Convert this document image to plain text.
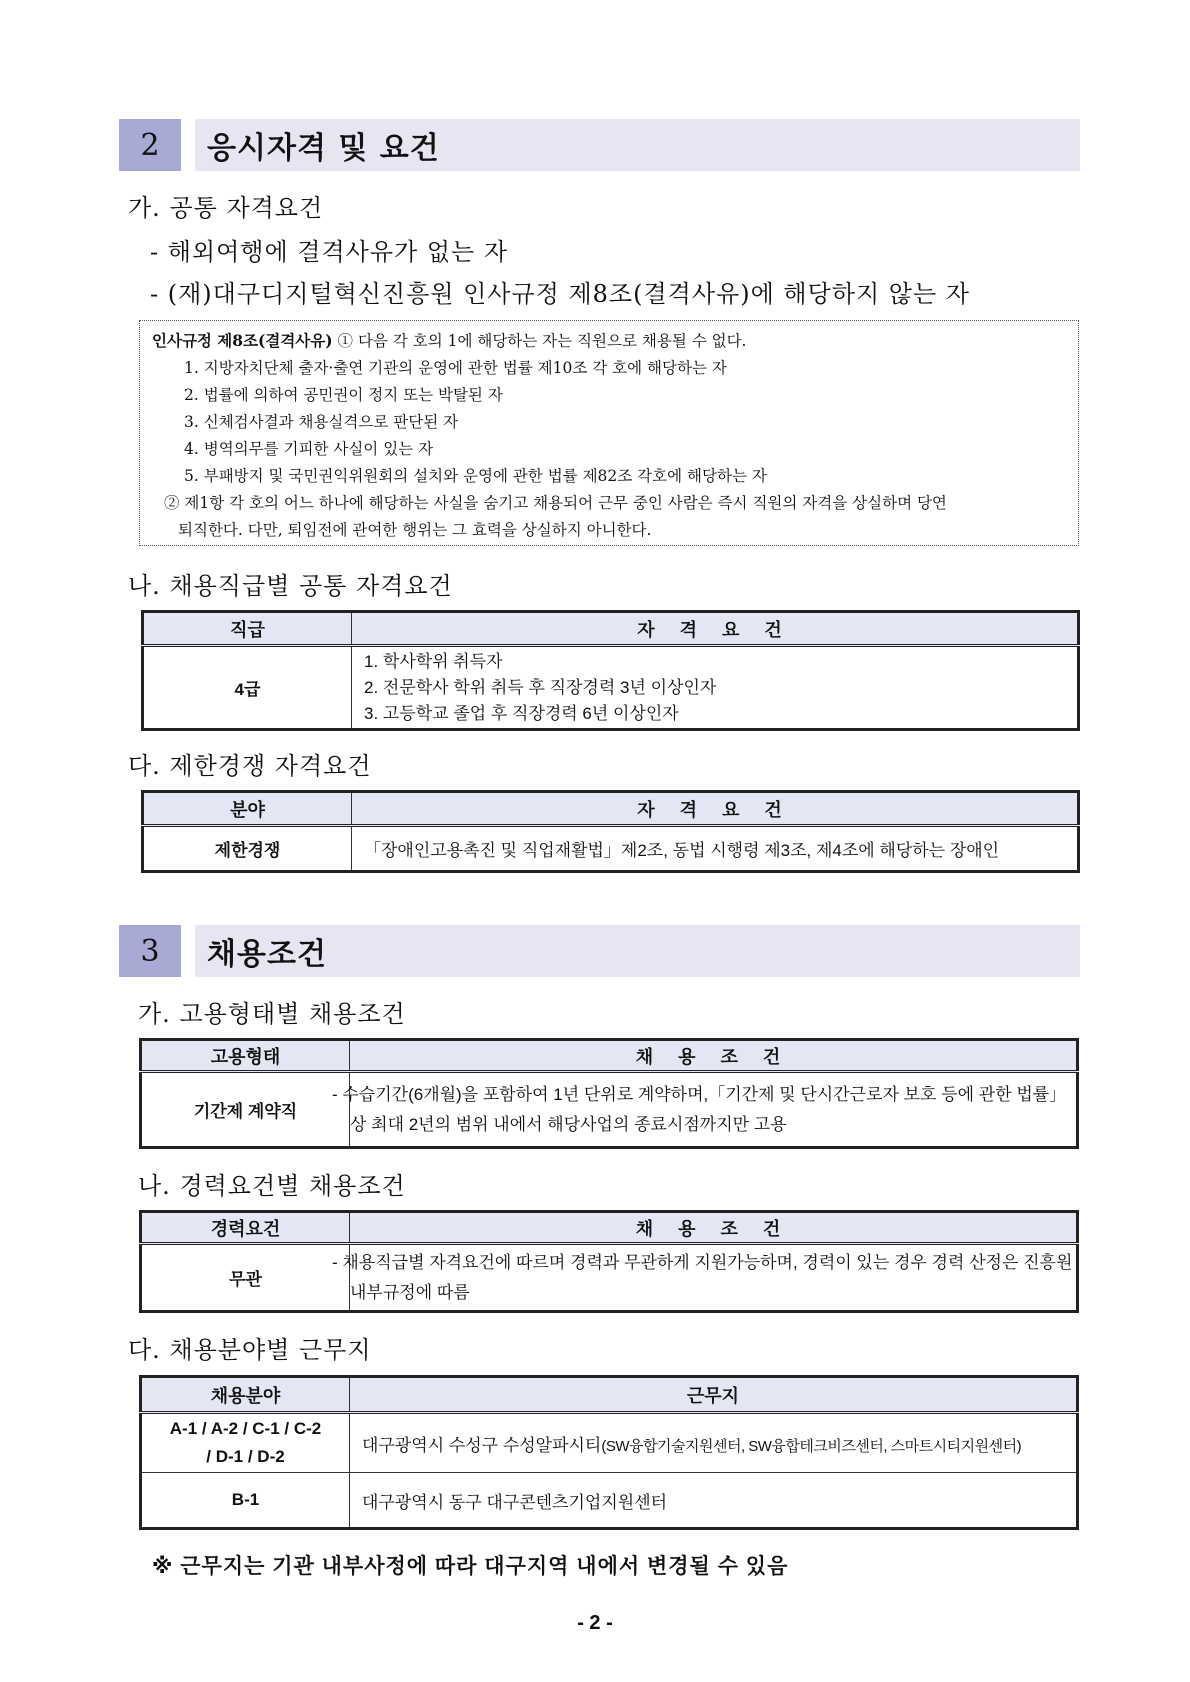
2	응시자격 및 요건
가. 공통 자격요건
- 해외여행에 결격사유가 없는 자
- (재)대구디지털혁신진흥원 인사규정 제8조(결격사유)에 해당하지 않는 자
인사규정 제8조(결격사유) ① 다음 각 호의 1에 해당하는 자는 직원으로 채용될 수 없다.
1. 지방자치단체 출자·출연 기관의 운영에 관한 법률 제10조 각 호에 해당하는 자
2. 법률에 의하여 공민권이 정지 또는 박탈된 자
3. 신체검사결과 채용실격으로 판단된 자
4. 병역의무를 기피한 사실이 있는 자
5. 부패방지 및 국민권익위원회의 설치와 운영에 관한 법률 제82조 각호에 해당하는 자
② 제1항 각 호의 어느 하나에 해당하는 사실을 숨기고 채용되어 근무 중인 사람은 즉시 직원의 자격을 상실하며 당연
퇴직한다. 다만, 퇴임전에 관여한 행위는 그 효력을 상실하지 아니한다.
나. 채용직급별 공통 자격요건
직급	자 격 요 건
4급	1. 학사학위 취득자
2. 전문학사 학위 취득 후 직장경력 3년 이상인자
3. 고등학교 졸업 후 직장경력 6년 이상인자
다. 제한경쟁 자격요건
분야	자 격 요 건
제한경쟁	「장애인고용촉진 및 직업재활법」제2조, 동법 시행령 제3조, 제4조에 해당하는 장애인
3	채용조건
가. 고용형태별 채용조건
고용형태	채 용 조 건
기간제 계약직	- 수습기간(6개월)을 포함하여 1년 단위로 계약하며,「기간제 및 단시간근로자 보호 등에 관한 법률」상 최대 2년의 범위 내에서 해당사업의 종료시점까지만 고용
나. 경력요건별 채용조건
경력요건	채 용 조 건
무관	- 채용직급별 자격요건에 따르며 경력과 무관하게 지원가능하며, 경력이 있는 경우 경력 산정은 진흥원 내부규정에 따름
다. 채용분야별 근무지
채용분야	근무지

A-1 / A-2 / C-1 / C-2
/ D-1 / D-2	대구광역시 수성구 수성알파시티(SW융합기술지원센터, SW융합테크비즈센터, 스마트시티지원센터)
B-1	대구광역시 동구 대구콘텐츠기업지원센터
※ 근무지는 기관 내부사정에 따라 대구지역 내에서 변경될 수 있음
- 2 -
